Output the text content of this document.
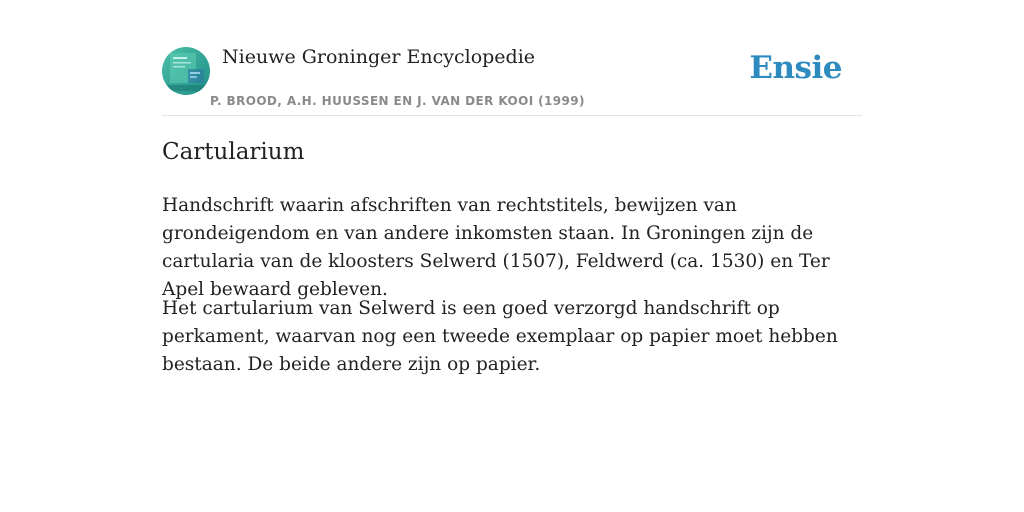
Nieuwe Groninger Encyclopedie
P. BROOD, A.H. HUUSSEN EN J. VAN DER KOOI (1999)
Ensie
Cartularium

Handschrift waarin afschriften van rechtstitels, bewijzen van grondeigendom en van andere inkomsten staan. In Groningen zijn de cartularia van de kloosters Selwerd (1507), Feldwerd (ca. 1530) en Ter Apel bewaard gebleven.

Het cartularium van Selwerd is een goed verzorgd handschrift op perkament, waarvan nog een tweede exemplaar op papier moet hebben bestaan. De beide andere zijn op papier.
